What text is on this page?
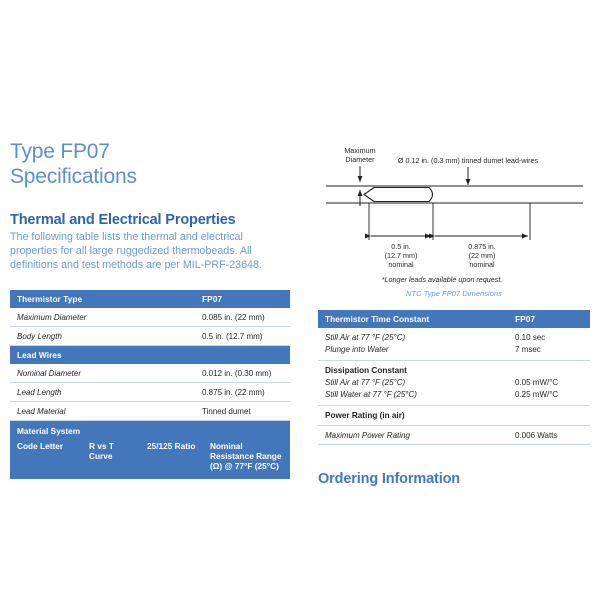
Type FP07
Specifications
Thermal and Electrical Properties

The following table lists the thermal and electrical properties for all large ruggedized thermobeads. All definitions and test methods are per MIL-PRF-23648.

Thermistor Type	FP07
Maximum Diameter	0.085 in. (22 mm)
Body Length	0.5 in. (12.7 mm)
Lead Wires	
Nominal Diameter	0.012 in. (0.30 mm)
Lead Length	0.875 in. (22 mm)
Lead Material	Tinned dumet
Material System
Code Letter	R vs T Curve	25/125 Ratio	Nominal Resistance Range (Ω) @ 77°F (25°C)
Maximum
Diameter	Ø 0.12 in. (0.3 mm) tinned dumet lead-wires
0.5 in.
(12.7 mm)
nominal
0.875 in.
(22 mm)
nominal
*Longer leads available upon request.
NTC Type FP07 Dimensions
Thermistor Time Constant	FP07
Still Air at 77 °F (25°C)	0.10 sec
Plunge into Water	7 msec
Dissipation Constant	
Still Air at 77 °F (25°C)	0.05 mW/°C
Still Water at 77 °F (25°C)	0.25 mW/°C
Power Rating (in air)	
Maximum Power Rating	0.006 Watts
Ordering Information
